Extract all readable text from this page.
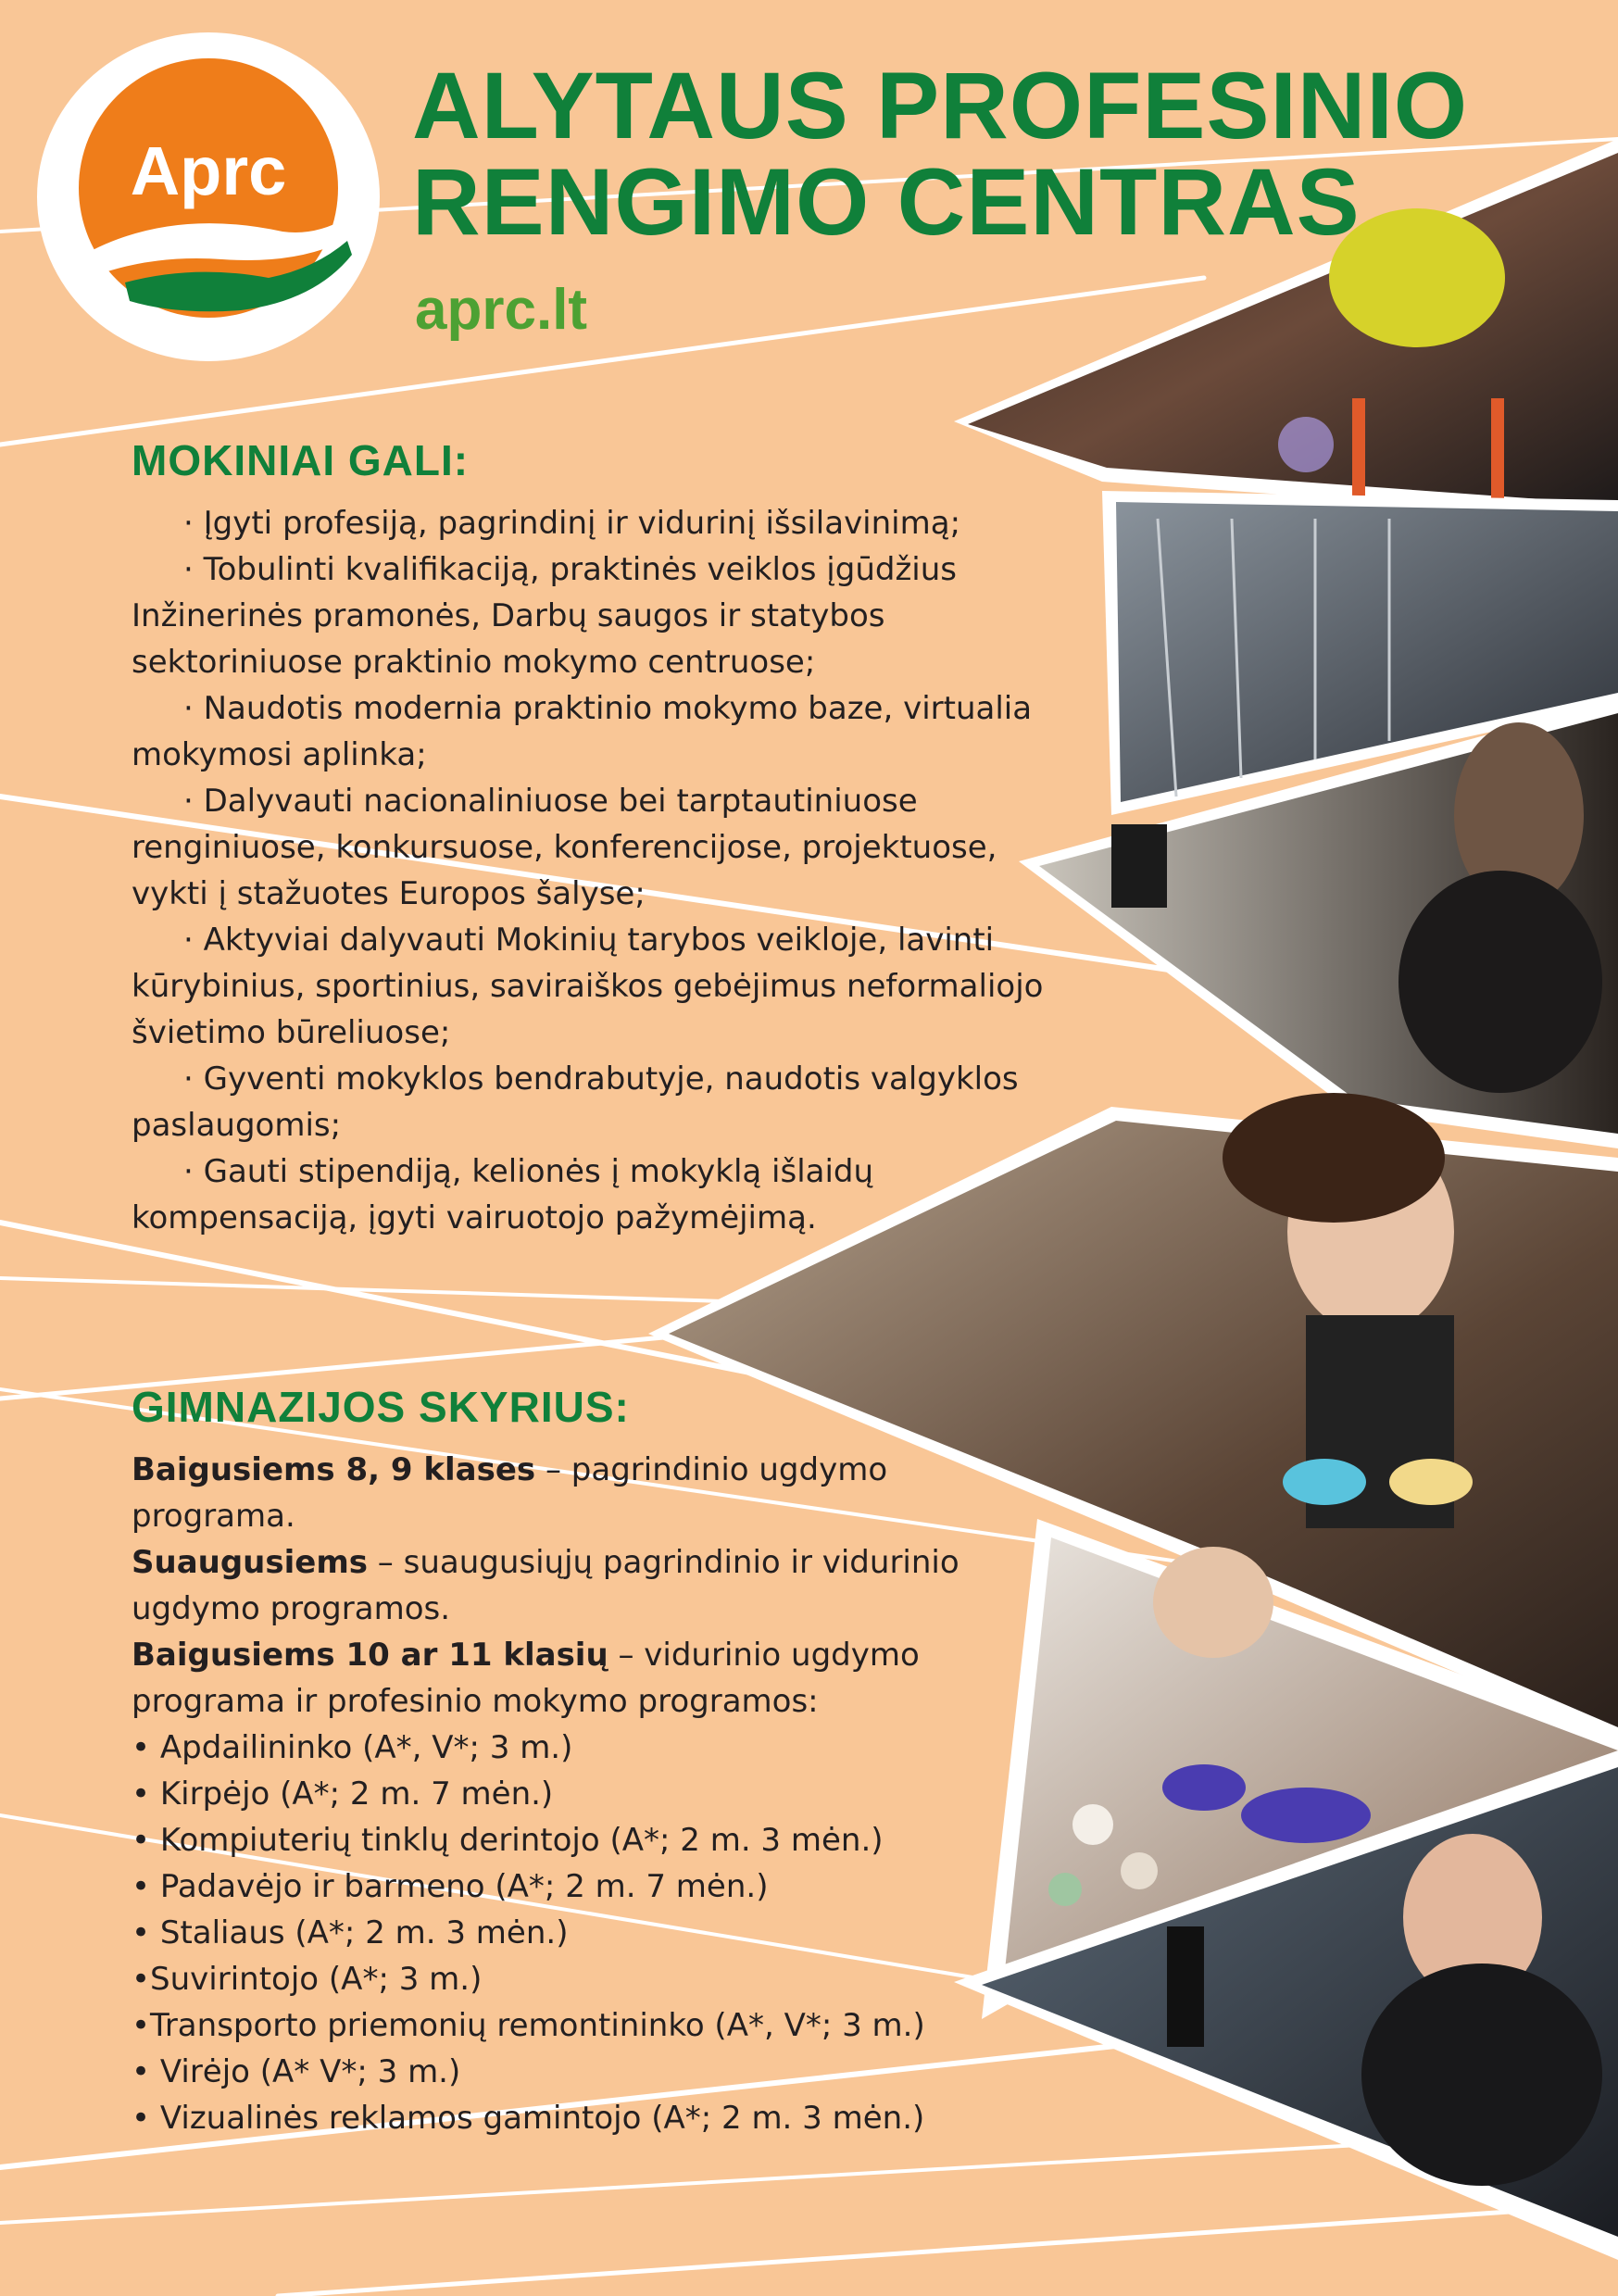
Aprc
ALYTAUS PROFESINIO
RENGIMO CENTRAS
aprc.lt
MOKINIAI GALI:
· Įgyti profesiją, pagrindinį ir vidurinį išsilavinimą;
· Tobulinti kvalifikaciją, praktinės veiklos įgūdžius Inžinerinės pramonės, Darbų saugos ir statybos sektoriniuose praktinio mokymo centruose;
· Naudotis modernia praktinio mokymo baze, virtualia mokymosi aplinka;
· Dalyvauti nacionaliniuose bei tarptautiniuose renginiuose, konkursuose, konferencijose, projektuose, vykti į stažuotes Europos šalyse;
· Aktyviai dalyvauti Mokinių tarybos veikloje, lavinti kūrybinius, sportinius, saviraiškos gebėjimus neformaliojo švietimo būreliuose;
· Gyventi mokyklos bendrabutyje, naudotis valgyklos paslaugomis;
· Gauti stipendiją, kelionės į mokyklą išlaidų kompensaciją, įgyti vairuotojo pažymėjimą.
GIMNAZIJOS SKYRIUS:

Baigusiems 8, 9 klases – pagrindinio ugdymo programa.

Suaugusiems – suaugusiųjų pagrindinio ir vidurinio ugdymo programos.

Baigusiems 10 ar 11 klasių – vidurinio ugdymo programa ir profesinio mokymo programos:

• Apdailininko (A*, V*; 3 m.)
• Kirpėjo (A*; 2 m. 7 mėn.)
• Kompiuterių tinklų derintojo (A*; 2 m. 3 mėn.)
• Padavėjo ir barmeno (A*; 2 m. 7 mėn.)
• Staliaus (A*; 2 m. 3 mėn.)
•Suvirintojo (A*; 3 m.)
•Transporto priemonių remontininko (A*, V*; 3 m.)
• Virėjo (A* V*; 3 m.)
• Vizualinės reklamos gamintojo (A*; 2 m. 3 mėn.)
